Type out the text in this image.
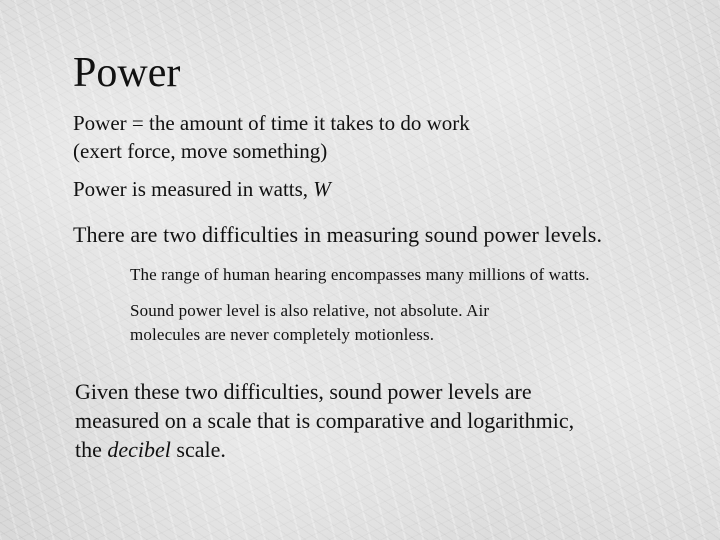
Power

Power = the amount of time it takes to do work
(exert force, move something)

Power is measured in watts, W

There are two difficulties in measuring sound power levels.

The range of human hearing encompasses many millions of watts.

Sound power level is also relative, not absolute. Air molecules are never completely motionless.

Given these two difficulties, sound power levels are
measured on a scale that is comparative and logarithmic,
the decibel scale.
